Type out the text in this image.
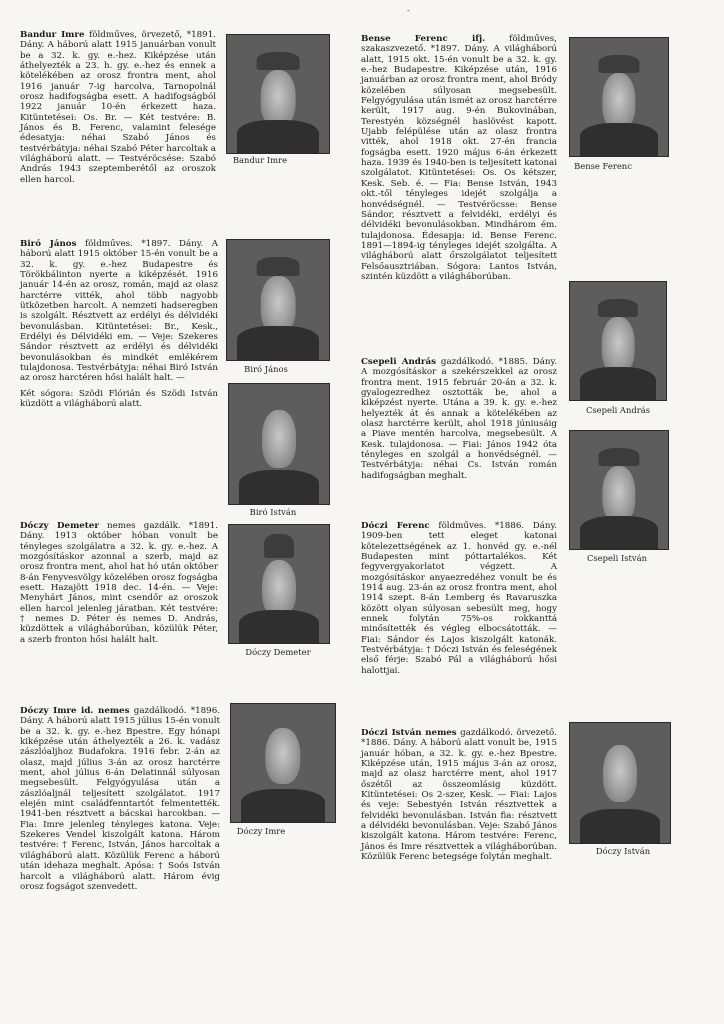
-

Bandur Imre földműves, örvezető, *1891. Dány. A háború alatt 1915 januárban vonult be a 32. k. gy. e.-hez. Kiképzése után áthelyezték a 23. h. gy. e.-hez és ennek a kötelékében az orosz frontra ment, ahol 1916 január 7-ig harcolva, Tarnopolnál orosz hadifogságba esett. A hadifogságból 1922 január 10-én érkezett haza. Kitüntetései: Os. Br. — Két testvére: B. János és B. Ferenc, valamint felesége édesatyja: néhai Szabó János és testvérbátyja: néhai Szabó Péter harcoltak a világháború alatt. — Testvéröcsése: Szabó András 1943 szeptemberétől az oroszok ellen harcol.

Biró János földműves. *1897. Dány. A háború alatt 1915 október 15-én vonult be a 32. k. gy. e.-hez Budapestre és Törökbálinton nyerte a kiképzését. 1916 január 14-én az orosz, román, majd az olasz harctérre vitték, ahol több nagyobb ütközetben harcolt. A nemzeti hadseregben is szolgált. Résztvett az erdélyi és délvidéki bevonulásban. Kitüntetései: Br., Kesk., Erdélyi és Délvidéki em. — Veje: Szekeres Sándor résztvett az erdélyi és délvidéki bevonulásokban és mindkét emlékérem tulajdonosa. Testvérbátyja: néhai Biró István az orosz harctéren hősi halált halt. —

Két sógora: Szödi Flórián és Szödi István küzdött a világháború alatt.

Dóczy Demeter nemes gazdálk. *1891. Dány. 1913 október hóban vonult be tényleges szolgálatra a 32. k. gy. e.-hez. A mozgósításkor azonnal a szerb, majd az orosz frontra ment, ahol hat hó után október 8-án Fenyvesvölgy közelében orosz fogságba esett. Hazajött 1918 dec. 14-én. — Veje: Menyhárt János, mint csendőr az oroszok ellen harcol jelenleg járatban. Két testvére: † nemes D. Péter és nemes D. András, küzdöttek a világháborúban, közülük Péter, a szerb fronton hősi halált halt.

Dóczy Imre id. nemes gazdálkodó. *1896. Dány. A háború alatt 1915 július 15-én vonult be a 32. k. gy. e.-hez Bpestre. Egy hónapi kiképzése után áthelyezték a 26. k. vadász zászlóaljhoz Budafokra. 1916 febr. 2-án az olasz, majd július 3-án az orosz harctérre ment, ahol július 6-án Delatinnál súlyosan megsebesült. Felgyógyulása után a zászlóaljnál teljesített szolgálatot. 1917 elején mint családfenntartót felmentették. 1941-ben résztvett a bácskai harcokban. — Fia: Imre jelenleg tényleges katona. Veje: Szekeres Vendel kiszolgált katona. Három testvére: † Ferenc, István, János harcoltak a világháború alatt. Közülük Ferenc a háború után idehaza meghalt. Apósa: † Soós István harcolt a világháború alatt. Három évig orosz fogságot szenvedett.

Bandur Imre
Biró János
Biró István
Dóczy Demeter
Dóczy Imre

Bense Ferenc ifj.	földműves, szakaszvezető. *1897. Dány. A világháború alatt, 1915 okt. 15-én vonult be a 32. k. gy. e.-hez Budapestre. Kiképzése után, 1916 januárban az orosz frontra ment, ahol Bródy közelében súlyosan megsebesült. Felgyógyulása után ismét az orosz harctérre került, 1917 aug. 9-én Bukovinában, Terestyén községnél haslövést kapott. Ujabb felépülése után az olasz frontra vitték, ahol 1918 okt. 27-én francia fogságba esett. 1920 május 6-án érkezett haza. 1939 és 1940-ben is teljesített katonai szolgálatot. Kitüntetései: Os. Os kétszer, Kesk. Seb. é. — Fia: Bense István, 1943 okt.-től tényleges idejét szolgálja a honvédségnél. — Testvéröcsse: Bense Sándor, résztvett a felvidéki, erdélyi és délvidéki bevonulásokban. Mindhárom ém. tulajdonosa. Édesapja: id. Bense Ferenc. 1891—1894-ig tényleges idejét szolgálta. A világháború alatt őrszolgálatot teljesített Felsőausztriában. Sógora: Lantos István, szintén küzdött a világháborúban.

Csepeli András gazdálkodó. *1885. Dány. A mozgósításkor a szekérszekkel az orosz frontra ment. 1915 február 20-án a 32. k. gyalogezredhez osztották be, ahol a kiképzést nyerte. Utána a 39. k. gy. e.-hez helyezték át és annak a kötelékében az olasz harctérre került, ahol 1918 júniusáig a Piave mentén harcolva, megsebesült. A Kesk. tulajdonosa. — Fiai: János 1942 óta tényleges en szolgál a honvédségnél. — Testvérbátyja: néhai Cs. István román hadifogságban meghalt.

Dóczi Ferenc földműves. *1886. Dány. 1909-ben tett eleget katonai kötelezettségének az 1. honvéd gy. e.-nél Budapesten mint póttartalékos. Két fegyvergyakorlatot végzett. A mozgósításkor anyaezredéhez vonult be és 1914 aug. 23-án az orosz frontra ment, ahol 1914 szept. 8-án Lemberg és Ravaruszka között olyan súlyosan sebesült meg, hogy ennek folytán 75%-os rokkanttá minősítették és végleg elbocsátották. — Fiai: Sándor és Lajos kiszolgált katonák. Testvérbátyja: † Dóczi István és feleségének első férje: Szabó Pál a világháború hősi halottjai.

Dóczi István nemes gazdálkodó. örvezető. *1886. Dány. A háború alatt vonult be, 1915 január hóban, a 32. k. gy. e.-hez Bpestre. Kiképzése után, 1915 május 3-án az orosz, majd az olasz harctérre ment, ahol 1917 őszétől az összeomlásig küzdött. Kitüntetései: Os 2-szer, Kesk. — Fiai: Lajos és veje: Sebestyén István résztvettek a felvidéki bevonulásban. István fia: résztvett a délvidéki bevonulásban. Veje: Szabó János kiszolgált katona. Három testvére: Ferenc, János és Imre résztvettek a világháborúban. Közülük Ferenc betegsége folytán meghalt.

Bense Ferenc
Csepeli András
Csepeli István
Dóczy István
